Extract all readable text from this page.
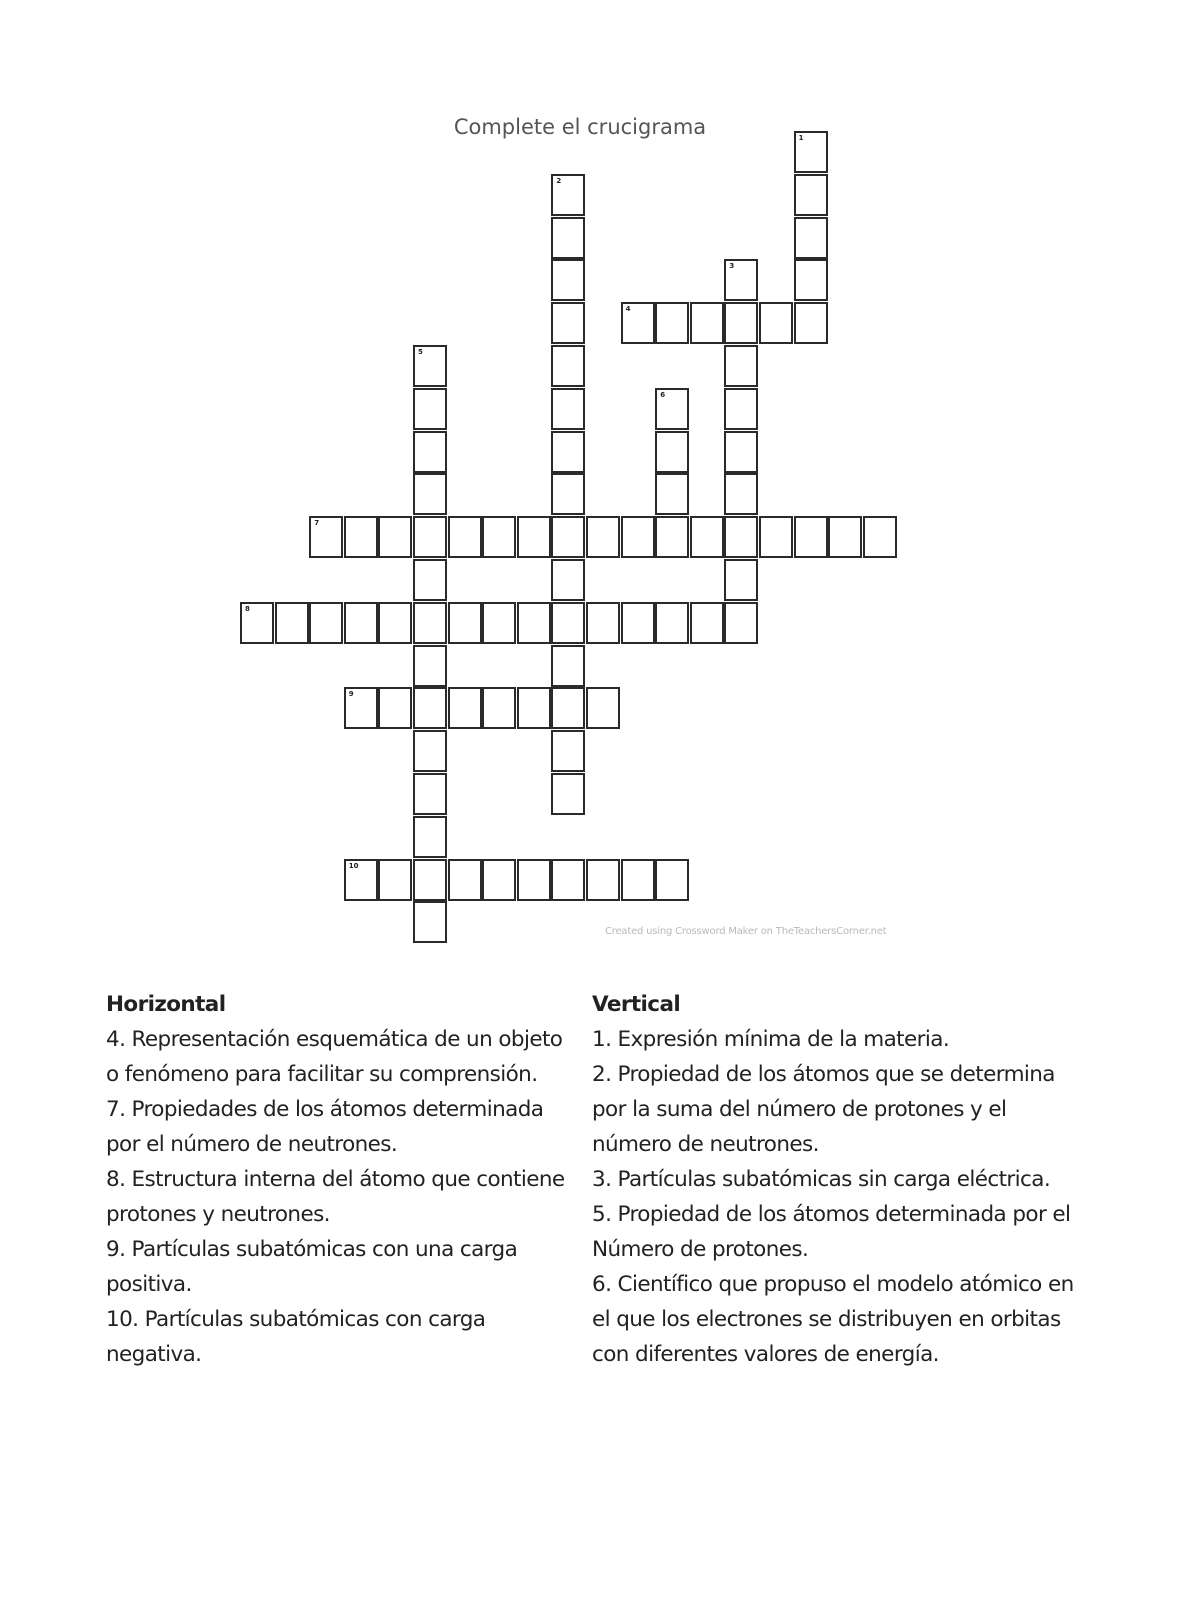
Complete el crucigrama	1
2
3
4
5
6
7
8
9
10
Created using Crossword Maker on TheTeachersCorner.net
Horizontal

4. Representación esquemática de un objeto o fenómeno para facilitar su comprensión.

7. Propiedades de los átomos determinada por el número de neutrones.

8. Estructura interna del átomo que contiene protones y neutrones.

9. Partículas subatómicas con una carga positiva.

10. Partículas subatómicas con carga negativa.

Vertical

1. Expresión mínima de la materia.

2. Propiedad de los átomos que se determina por la suma del número de protones y el número de neutrones.

3. Partículas subatómicas sin carga eléctrica.

5. Propiedad de los átomos determinada por el Número de protones.

6. Científico que propuso el modelo atómico en el que los electrones se distribuyen en orbitas con diferentes valores de energía.
